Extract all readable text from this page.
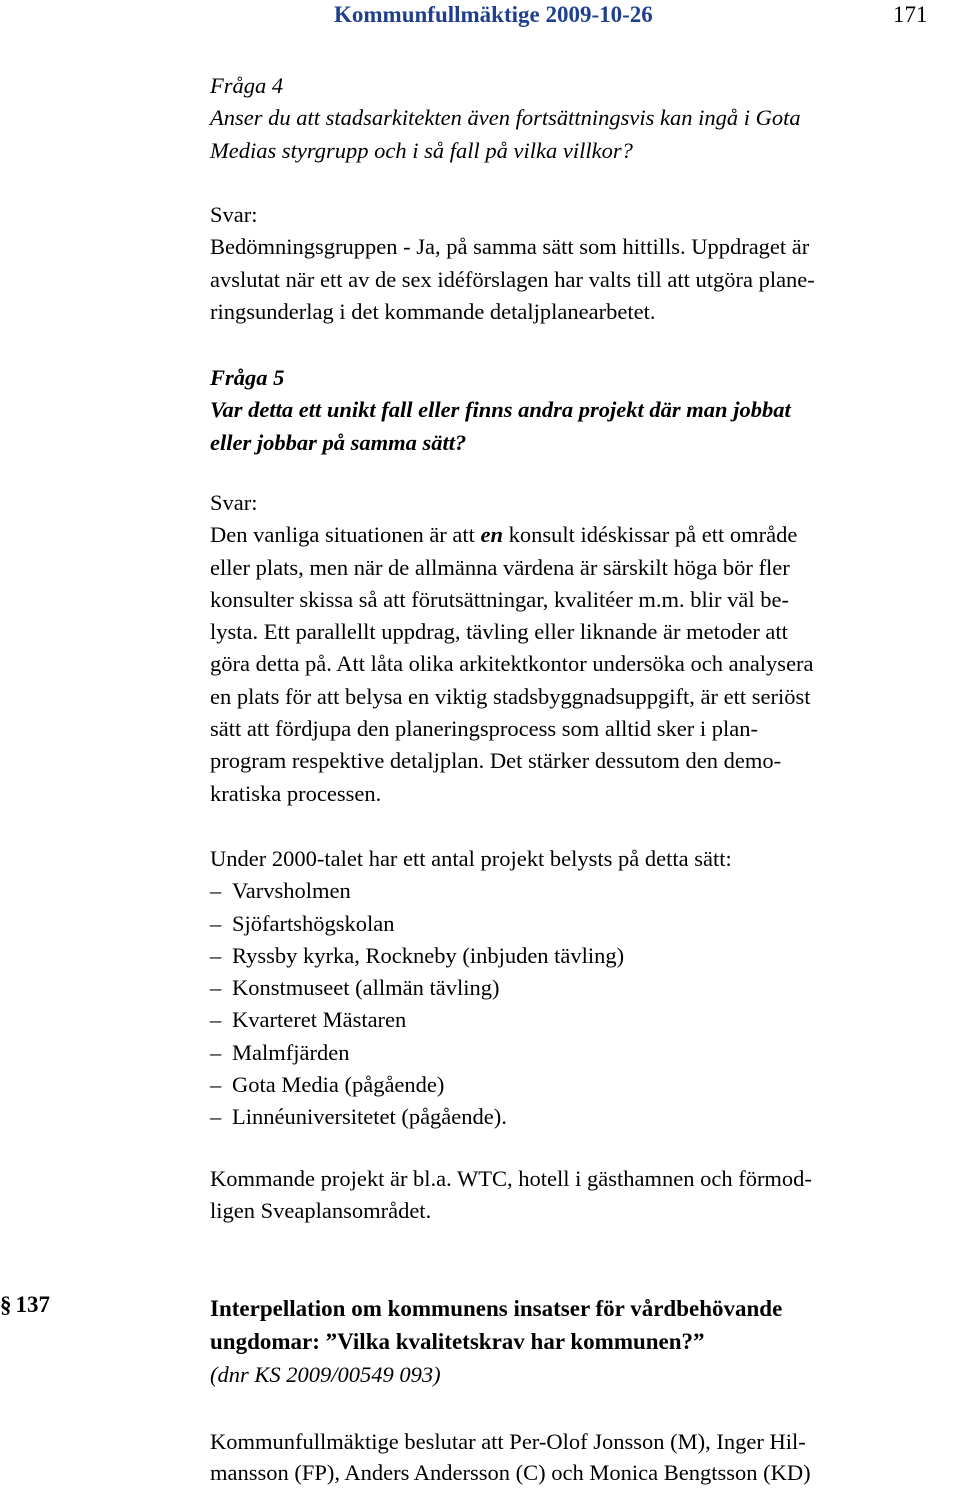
Kommunfullmäktige 2009-10-26	171
Fråga 4
Anser du att stadsarkitekten även fortsättningsvis kan ingå i Gota
Medias styrgrupp och i så fall på vilka villkor?
Svar:
Bedömningsgruppen - Ja, på samma sätt som hittills. Uppdraget är
avslutat när ett av de sex idéförslagen har valts till att utgöra plane-
ringsunderlag i det kommande detaljplanearbetet.
Fråga 5
Var detta ett unikt fall eller finns andra projekt där man jobbat
eller jobbar på samma sätt?
Svar:
Den vanliga situationen är att en konsult idéskissar på ett område
eller plats, men när de allmänna värdena är särskilt höga bör fler
konsulter skissa så att förutsättningar, kvalitéer m.m. blir väl be-
lysta. Ett parallellt uppdrag, tävling eller liknande är metoder att
göra detta på. Att låta olika arkitektkontor undersöka och analysera
en plats för att belysa en viktig stadsbyggnadsuppgift, är ett seriöst
sätt att fördjupa den planeringsprocess som alltid sker i plan-
program respektive detaljplan. Det stärker dessutom den demo-
kratiska processen.
Under 2000-talet har ett antal projekt belysts på detta sätt:
– Varvsholmen
– Sjöfartshögskolan
– Ryssby kyrka, Rockneby (inbjuden tävling)
– Konstmuseet (allmän tävling)
– Kvarteret Mästaren
– Malmfjärden
– Gota Media (pågående)
– Linnéuniversitetet (pågående).
Kommande projekt är bl.a. WTC, hotell i gästhamnen och förmod-
ligen Sveaplansområdet.
§ 137	Interpellation om kommunens insatser för vårdbehövande
ungdomar: ”Vilka kvalitetskrav har kommunen?”
(dnr KS 2009/00549 093)
Kommunfullmäktige beslutar att Per-Olof Jonsson (M), Inger Hil-
mansson (FP), Anders Andersson (C) och Monica Bengtsson (KD)
